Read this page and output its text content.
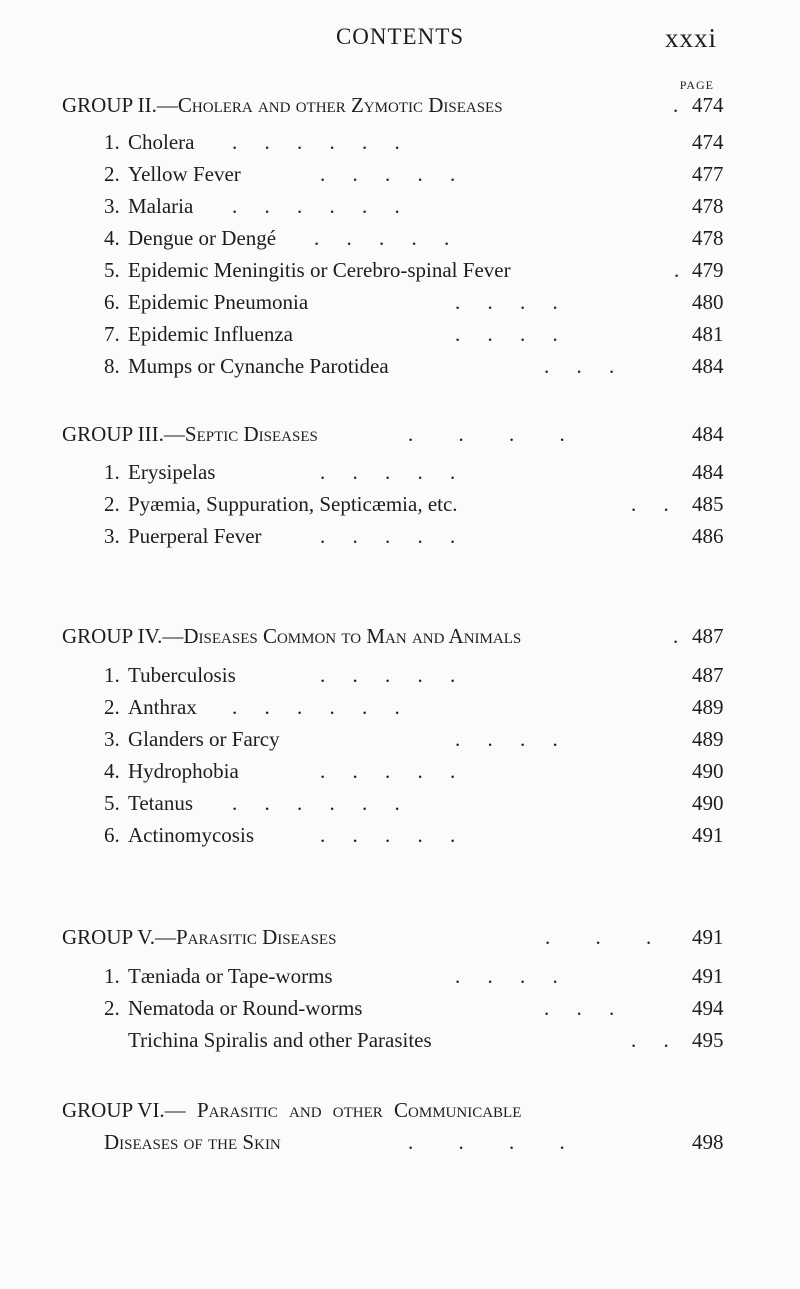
CONTENTS	xxxi
PAGE
GROUP II.—Cholera and other Zymotic Diseases	. 474
1. Cholera . . . . . .	474
2. Yellow Fever	. . . . .	477
3. Malaria . . . . . .	478
4. Dengue or Dengé . . . . .	478
5. Epidemic Meningitis or Cerebro-spinal Fever	. 479
6. Epidemic Pneumonia	. . . .	480
7. Epidemic Influenza	. . . .	481
8. Mumps or Cynanche Parotidea	. . .	484
GROUP III.—Septic Diseases	. . . .	484
1. Erysipelas	. . . . .	484
2. Pyæmia, Suppuration, Septicæmia, etc.	. . 485
3. Puerperal Fever	. . . . .	486
GROUP IV.—Diseases Common to Man and Animals	. 487
1. Tuberculosis	. . . . .	487
2. Anthrax . . . . . .	489
3. Glanders or Farcy	. . . .	489
4. Hydrophobia	. . . . .	490
5. Tetanus . . . . . .	490
6. Actinomycosis	. . . . .	491
GROUP V.—Parasitic Diseases	. . . 491
1. Tæniada or Tape-worms	. . . .	491
2. Nematoda or Round-worms	. . .	494
Trichina Spiralis and other Parasites	. . 495
GROUP VI.— Parasitic and other Communicable
Diseases of the Skin	. . . .	498
